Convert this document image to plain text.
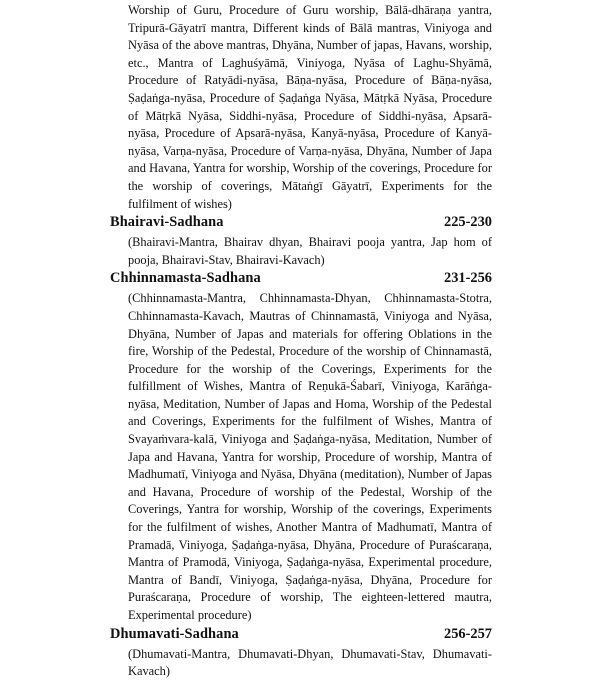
Worship of Guru, Procedure of Guru worship, Bālā-dhāraṇa yantra, Tripurā-Gāyatrī mantra, Different kinds of Bālā mantras, Viniyoga and Nyāsa of the above mantras, Dhyāna, Number of japas, Havans, worship, etc., Mantra of Laghuśyāmā, Viniyoga, Nyāsa of Laghu-Shyāmā, Procedure of Ratyādi-nyāsa, Bāṇa-nyāsa, Procedure of Bāṇa-nyāsa, Ṣaḍaṅga-nyāsa, Procedure of Ṣaḍaṅga Nyāsa, Mātṛkā Nyāsa, Procedure of Mātṛkā Nyāsa, Siddhi-nyāsa, Procedure of Siddhi-nyāsa, Apsarā-nyāsa, Procedure of Apsarā-nyāsa, Kanyā-nyāsa, Procedure of Kanyā-nyāsa, Varṇa-nyāsa, Procedure of Varṇa-nyāsa, Dhyāna, Number of Japa and Havana, Yantra for worship, Worship of the coverings, Procedure for the worship of coverings, Mātaṅgī Gāyatrī, Experiments for the fulfilment of wishes)

Bhairavi-Sadhana	225-230

(Bhairavi-Mantra, Bhairav dhyan, Bhairavi pooja yantra, Jap hom of pooja, Bhairavi-Stav, Bhairavi-Kavach)

Chhinnamasta-Sadhana	231-256

(Chhinnamasta-Mantra, Chhinnamasta-Dhyan, Chhinnamasta-Stotra, Chhinnamasta-Kavach, Mautras of Chinnamastā, Viniyoga and Nyāsa, Dhyāna, Number of Japas and materials for offering Oblations in the fire, Worship of the Pedestal, Procedure of the worship of Chinnamastā, Procedure for the worship of the Coverings, Experiments for the fulfillment of Wishes, Mantra of Reṇukā-Śabarī, Viniyoga, Karāṅga-nyāsa, Meditation, Number of Japas and Homa, Worship of the Pedestal and Coverings, Experiments for the fulfilment of Wishes, Mantra of Svayaṁvara-kalā, Viniyoga and Ṣaḍaṅga-nyāsa, Meditation, Number of Japa and Havana, Yantra for worship, Procedure of worship, Mantra of Madhumatī, Viniyoga and Nyāsa, Dhyāna (meditation), Number of Japas and Havana, Procedure of worship of the Pedestal, Worship of the Coverings, Yantra for worship, Worship of the coverings, Experiments for the fulfilment of wishes, Another Mantra of Madhumatī, Mantra of Pramadā, Viniyoga, Ṣaḍaṅga-nyāsa, Dhyāna, Procedure of Puraścaraṇa, Mantra of Pramodā, Viniyoga, Ṣaḍaṅga-nyāsa, Experimental procedure, Mantra of Bandī, Viniyoga, Ṣaḍaṅga-nyāsa, Dhyāna, Procedure for Puraścaraṇa, Procedure of worship, The eighteen-lettered mautra, Experimental procedure)

Dhumavati-Sadhana	256-257

(Dhumavati-Mantra, Dhumavati-Dhyan, Dhumavati-Stav, Dhumavati-Kavach)
